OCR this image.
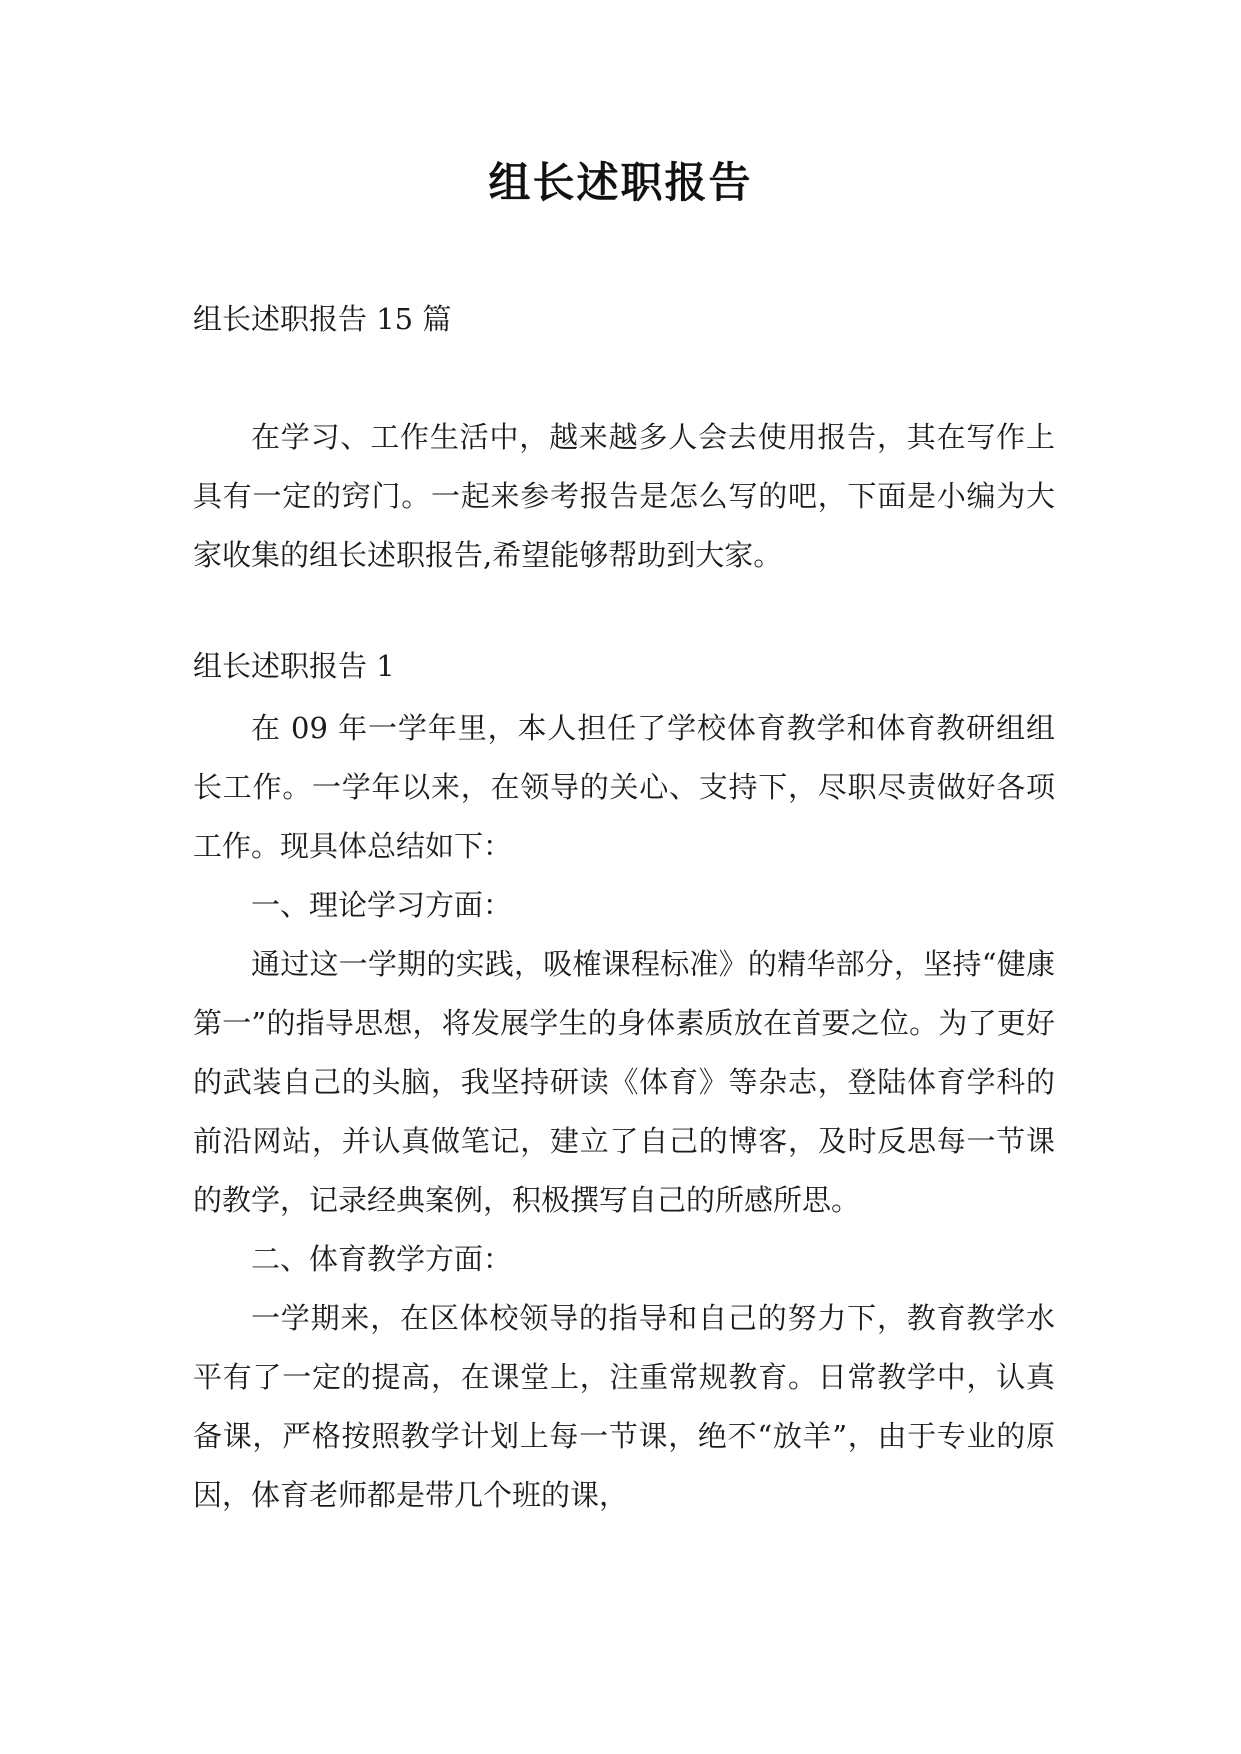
组长述职报告

组长述职报告 15 篇

在学习、工作生活中，越来越多人会去使用报告，其在写作上具有一定的窍门。一起来参考报告是怎么写的吧，下面是小编为大家收集的组长述职报告,希望能够帮助到大家。

组长述职报告 1

在 09 年一学年里，本人担任了学校体育教学和体育教研组组长工作。一学年以来，在领导的关心、支持下，尽职尽责做好各项工作。现具体总结如下：

一、理论学习方面：

通过这一学期的实践，吸榷课程标准》的精华部分，坚持“健康第一”的指导思想，将发展学生的身体素质放在首要之位。为了更好的武装自己的头脑，我坚持研读《体育》等杂志，登陆体育学科的前沿网站，并认真做笔记，建立了自己的博客，及时反思每一节课的教学，记录经典案例，积极撰写自己的所感所思。

二、体育教学方面：

一学期来，在区体校领导的指导和自己的努力下，教育教学水平有了一定的提高，在课堂上，注重常规教育。日常教学中，认真备课，严格按照教学计划上每一节课，绝不“放羊”，由于专业的原因，体育老师都是带几个班的课，
